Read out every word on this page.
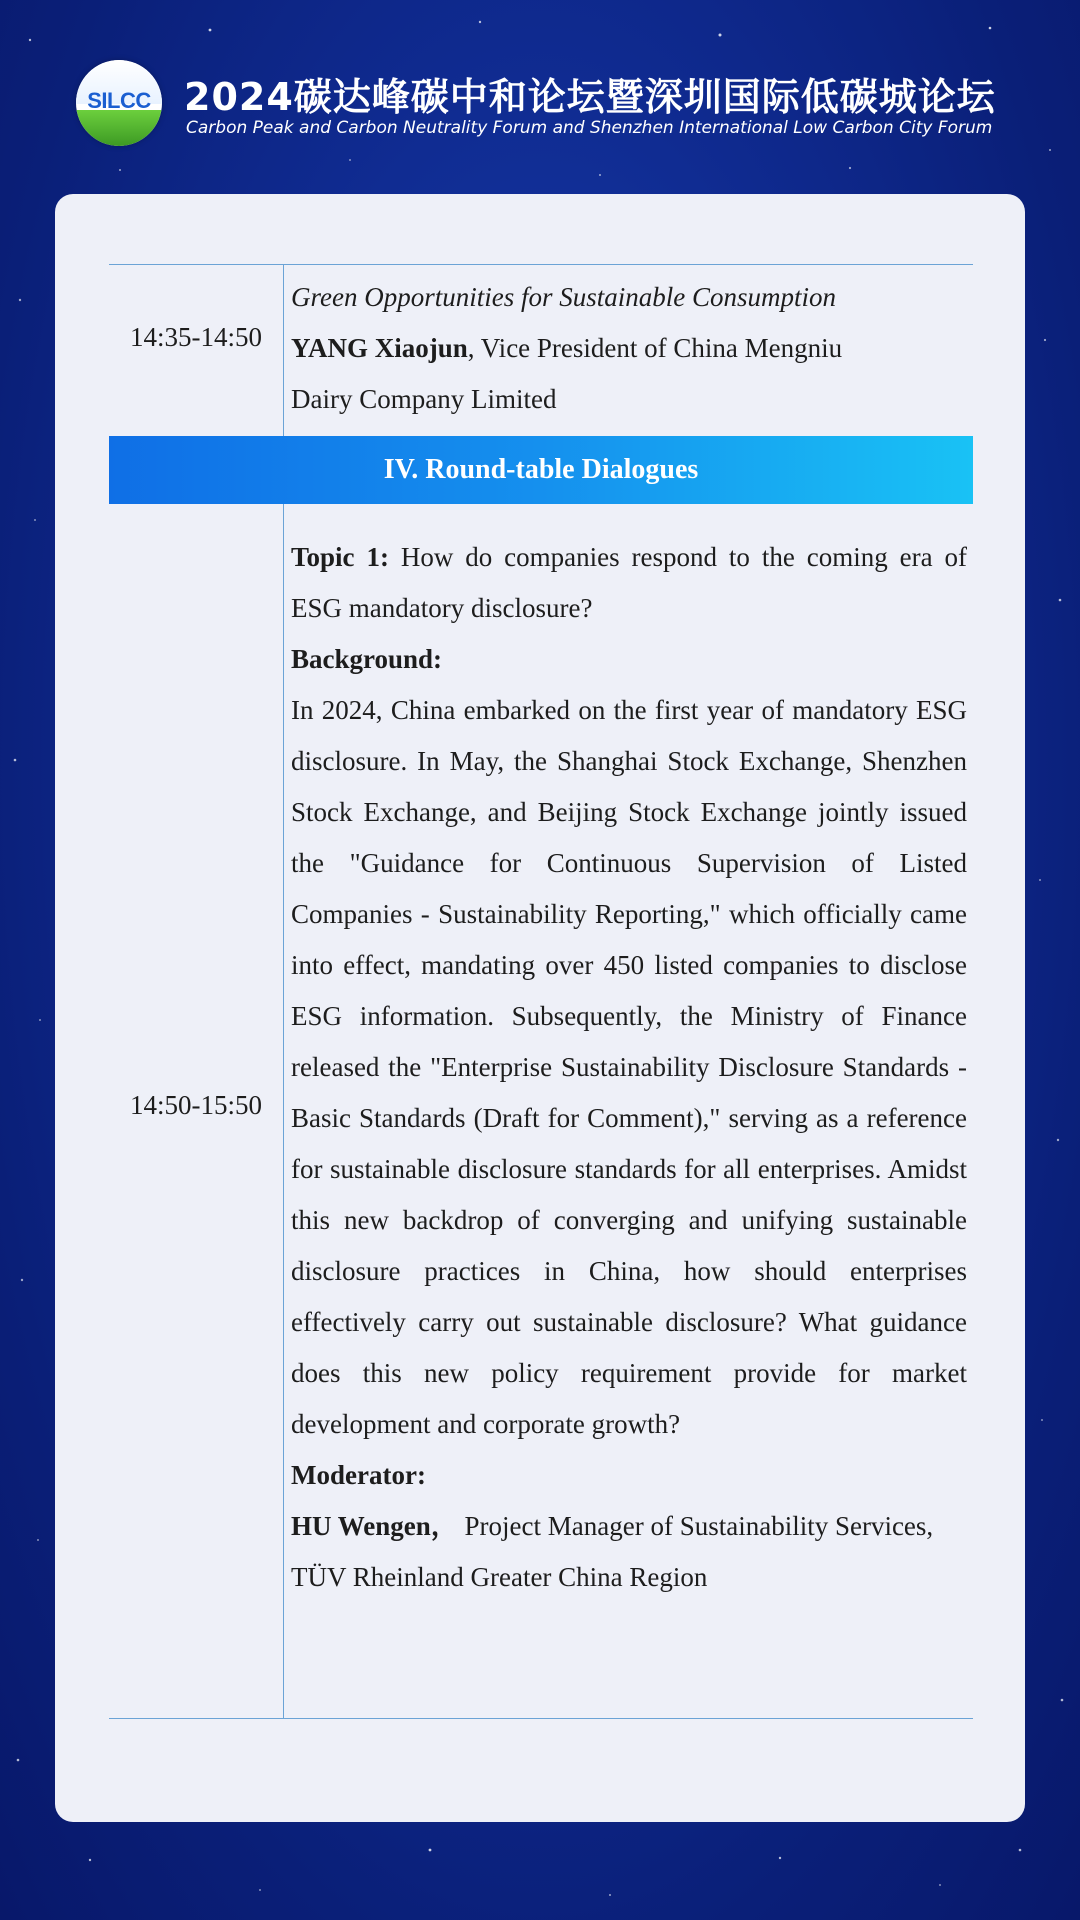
SILCC 2024碳达峰碳中和论坛暨深圳国际低碳城论坛
Carbon Peak and Carbon Neutrality Forum and Shenzhen International Low Carbon City Forum
14:35-14:50
Green Opportunities for Sustainable Consumption
YANG Xiaojun, Vice President of China Mengniu
Dairy Company Limited
IV. Round-table Dialogues
14:50-15:50
Topic 1: How do companies respond to the coming era of ESG mandatory disclosure?
Background:
In 2024, China embarked on the first year of mandatory ESG disclosure. In May, the Shanghai Stock Exchange, Shenzhen Stock Exchange, and Beijing Stock Exchange jointly issued the "Guidance for Continuous Supervision of Listed Companies - Sustainability Reporting," which officially came into effect, mandating over 450 listed companies to disclose ESG information. Subsequently, the Ministry of Finance released the "Enterprise Sustainability Disclosure Standards - Basic Standards (Draft for Comment)," serving as a reference for sustainable disclosure standards for all enterprises. Amidst this new backdrop of converging and unifying sustainable disclosure practices in China, how should enterprises effectively carry out sustainable disclosure? What guidance does this new policy requirement provide for market development and corporate growth?
Moderator:
HU Wengen， Project Manager of Sustainability Services, TÜV Rheinland Greater China Region
